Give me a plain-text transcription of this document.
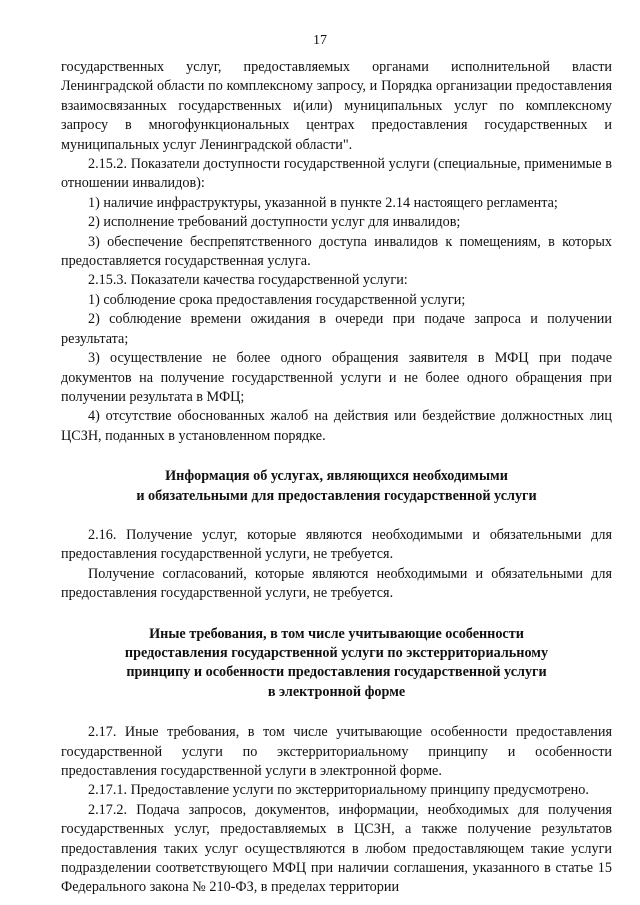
17

государственных услуг, предоставляемых органами исполнительной власти Ленинградской области по комплексному запросу, и Порядка организации предоставления взаимосвязанных государственных и(или) муниципальных услуг по комплексному запросу в многофункциональных центрах предоставления государственных и муниципальных услуг Ленинградской области".

2.15.2. Показатели доступности государственной услуги (специальные, применимые в отношении инвалидов):

1) наличие инфраструктуры, указанной в пункте 2.14 настоящего регламента;

2) исполнение требований доступности услуг для инвалидов;

3) обеспечение беспрепятственного доступа инвалидов к помещениям, в которых предоставляется государственная услуга.

2.15.3. Показатели качества государственной услуги:

1) соблюдение срока предоставления государственной услуги;

2) соблюдение времени ожидания в очереди при подаче запроса и получении результата;

3) осуществление не более одного обращения заявителя в МФЦ при подаче документов на получение государственной услуги и не более одного обращения при получении результата в МФЦ;

4) отсутствие обоснованных жалоб на действия или бездействие должностных лиц ЦСЗН, поданных в установленном порядке.

Информация об услугах, являющихся необходимыми
и обязательными для предоставления государственной услуги

2.16. Получение услуг, которые являются необходимыми и обязательными для предоставления государственной услуги, не требуется.

Получение согласований, которые являются необходимыми и обязательными для предоставления государственной услуги, не требуется.

Иные требования, в том числе учитывающие особенности
предоставления государственной услуги по экстерриториальному
принципу и особенности предоставления государственной услуги
в электронной форме

2.17. Иные требования, в том числе учитывающие особенности предоставления государственной услуги по экстерриториальному принципу и особенности предоставления государственной услуги в электронной форме.

2.17.1. Предоставление услуги по экстерриториальному принципу предусмотрено.

2.17.2. Подача запросов, документов, информации, необходимых для получения государственных услуг, предоставляемых в ЦСЗН, а также получение результатов предоставления таких услуг осуществляются в любом предоставляющем такие услуги подразделении соответствующего МФЦ при наличии соглашения, указанного в статье 15 Федерального закона № 210-ФЗ, в пределах территории
